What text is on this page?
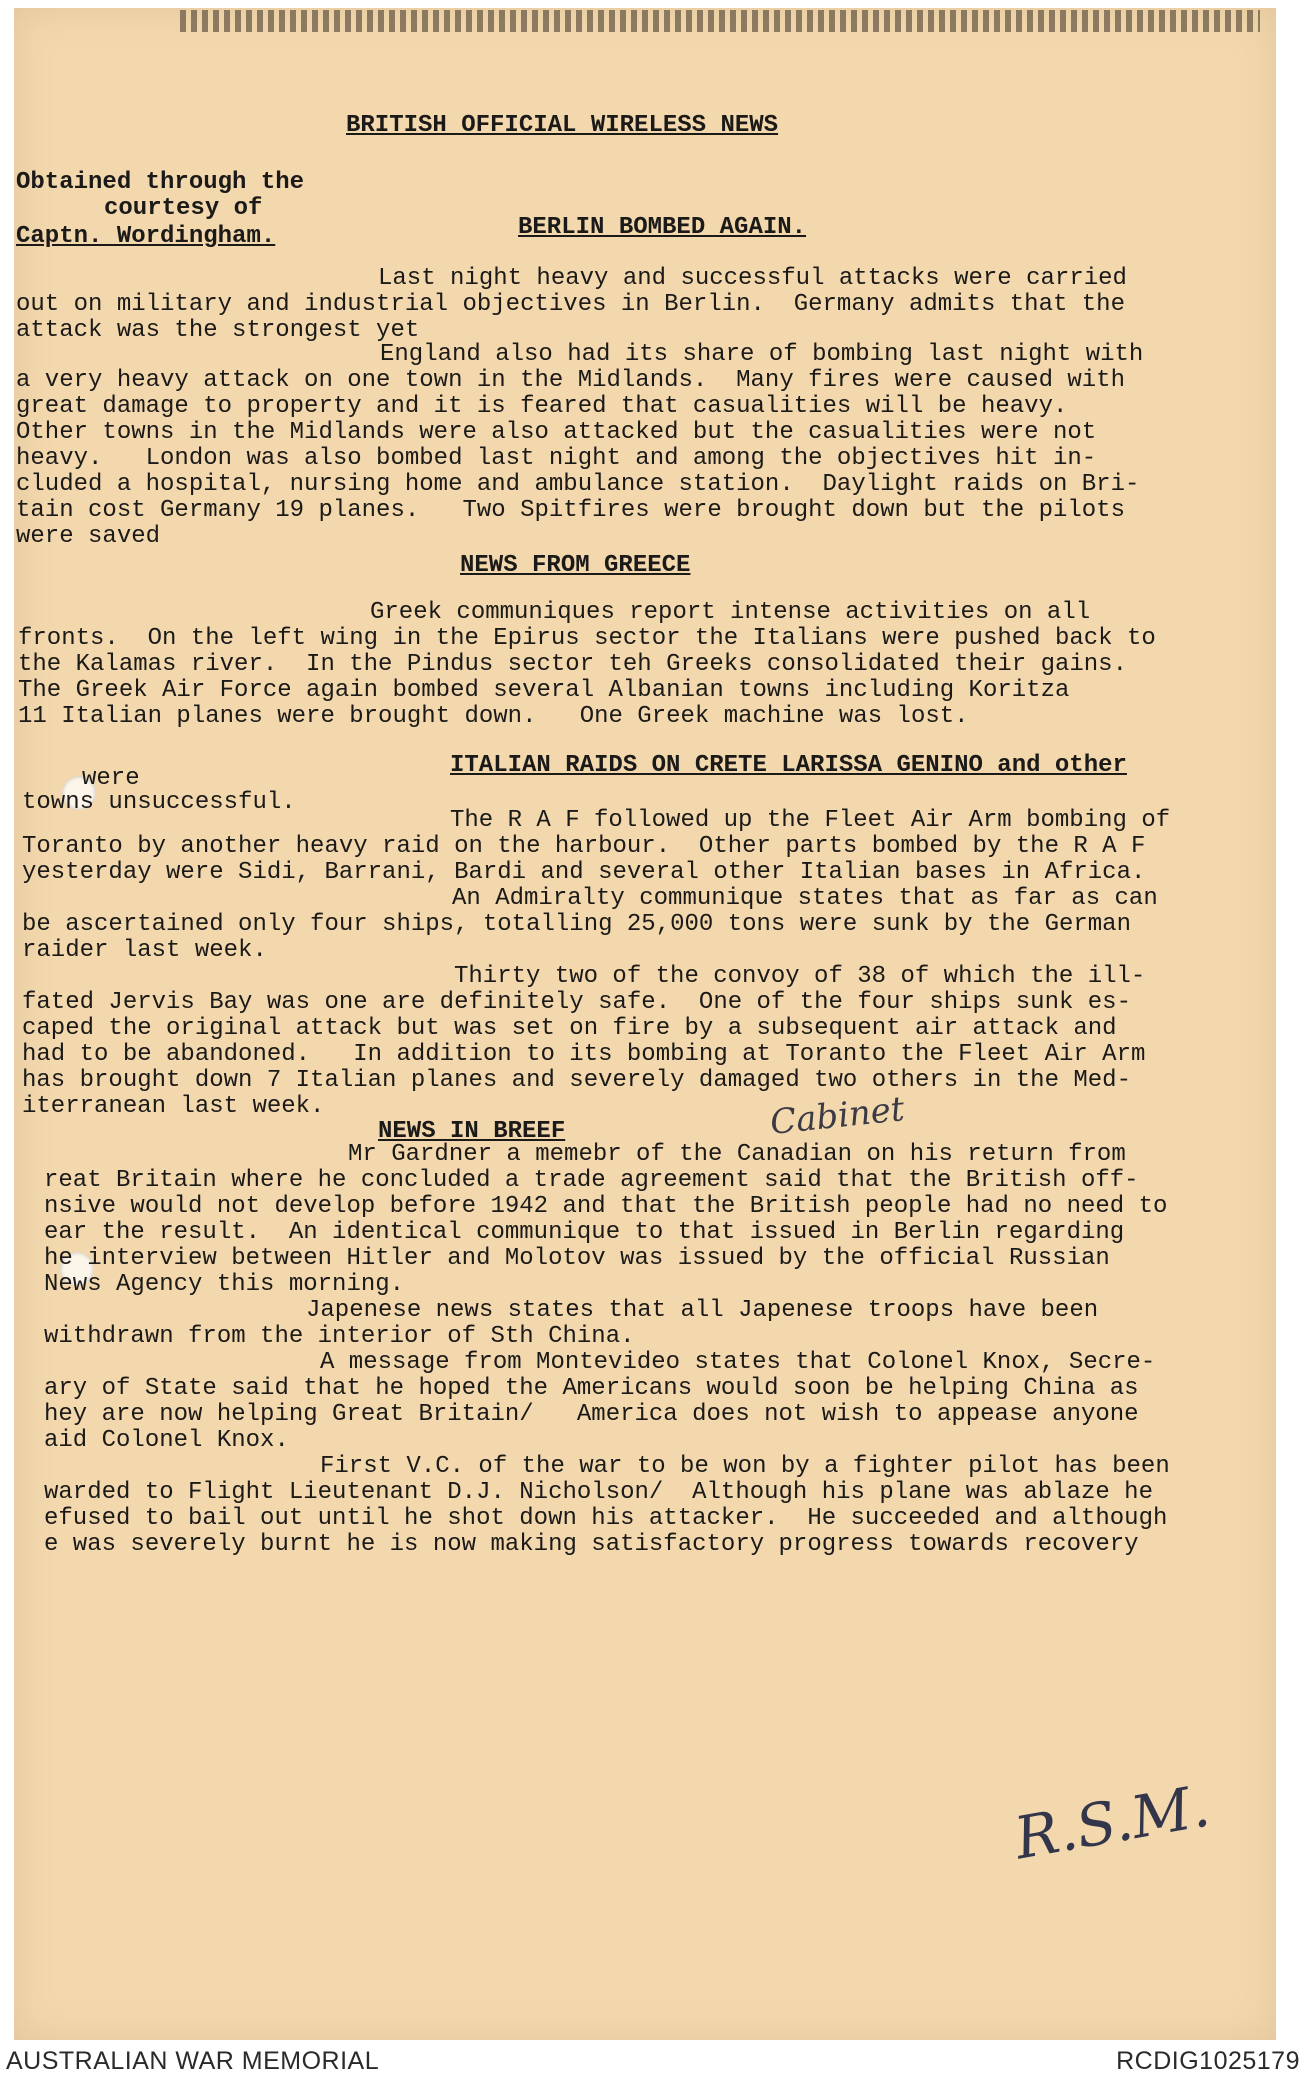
BRITISH OFFICIAL WIRELESS NEWS
Obtained through the
courtesy of
Captn. Wordingham.	BERLIN BOMBED AGAIN.
Last night heavy and successful attacks were carried
out on military and industrial objectives in Berlin.  Germany admits that the
attack was the strongest yet
England also had its share of bombing last night with
a very heavy attack on one town in the Midlands.  Many fires were caused with
great damage to property and it is feared that casualities will be heavy.
Other towns in the Midlands were also attacked but the casualities were not
heavy.   London was also bombed last night and among the objectives hit in-
cluded a hospital, nursing home and ambulance station.  Daylight raids on Bri-
tain cost Germany 19 planes.   Two Spitfires were brought down but the pilots
were saved
NEWS FROM GREECE
Greek communiques report intense activities on all
fronts.  On the left wing in the Epirus sector the Italians were pushed back to
the Kalamas river.  In the Pindus sector teh Greeks consolidated their gains.
The Greek Air Force again bombed several Albanian towns including Koritza
11 Italian planes were brought down.   One Greek machine was lost.
ITALIAN RAIDS ON CRETE LARISSA GENINO and other
were
towns unsuccessful.
The R A F followed up the Fleet Air Arm bombing of
Toranto by another heavy raid on the harbour.  Other parts bombed by the R A F
yesterday were Sidi, Barrani, Bardi and several other Italian bases in Africa.
An Admiralty communique states that as far as can
be ascertained only four ships, totalling 25,000 tons were sunk by the German
raider last week.
Thirty two of the convoy of 38 of which the ill-
fated Jervis Bay was one are definitely safe.  One of the four ships sunk es-
caped the original attack but was set on fire by a subsequent air attack and
had to be abandoned.   In addition to its bombing at Toranto the Fleet Air Arm
has brought down 7 Italian planes and severely damaged two others in the Med-
iterranean last week.	Cabinet
NEWS IN BREEF
Mr Gardner a memebr of the Canadian on his return from
reat Britain where he concluded a trade agreement said that the British off-
nsive would not develop before 1942 and that the British people had no need to
ear the result.  An identical communique to that issued in Berlin regarding
he interview between Hitler and Molotov was issued by the official Russian
News Agency this morning.
Japenese news states that all Japenese troops have been
withdrawn from the interior of Sth China.
A message from Montevideo states that Colonel Knox, Secre-
ary of State said that he hoped the Americans would soon be helping China as
hey are now helping Great Britain/   America does not wish to appease anyone
aid Colonel Knox.
First V.C. of the war to be won by a fighter pilot has been
warded to Flight Lieutenant D.J. Nicholson/  Although his plane was ablaze he
efused to bail out until he shot down his attacker.  He succeeded and although
e was severely burnt he is now making satisfactory progress towards recovery
R.S.M.
AUSTRALIAN WAR MEMORIAL	RCDIG1025179
